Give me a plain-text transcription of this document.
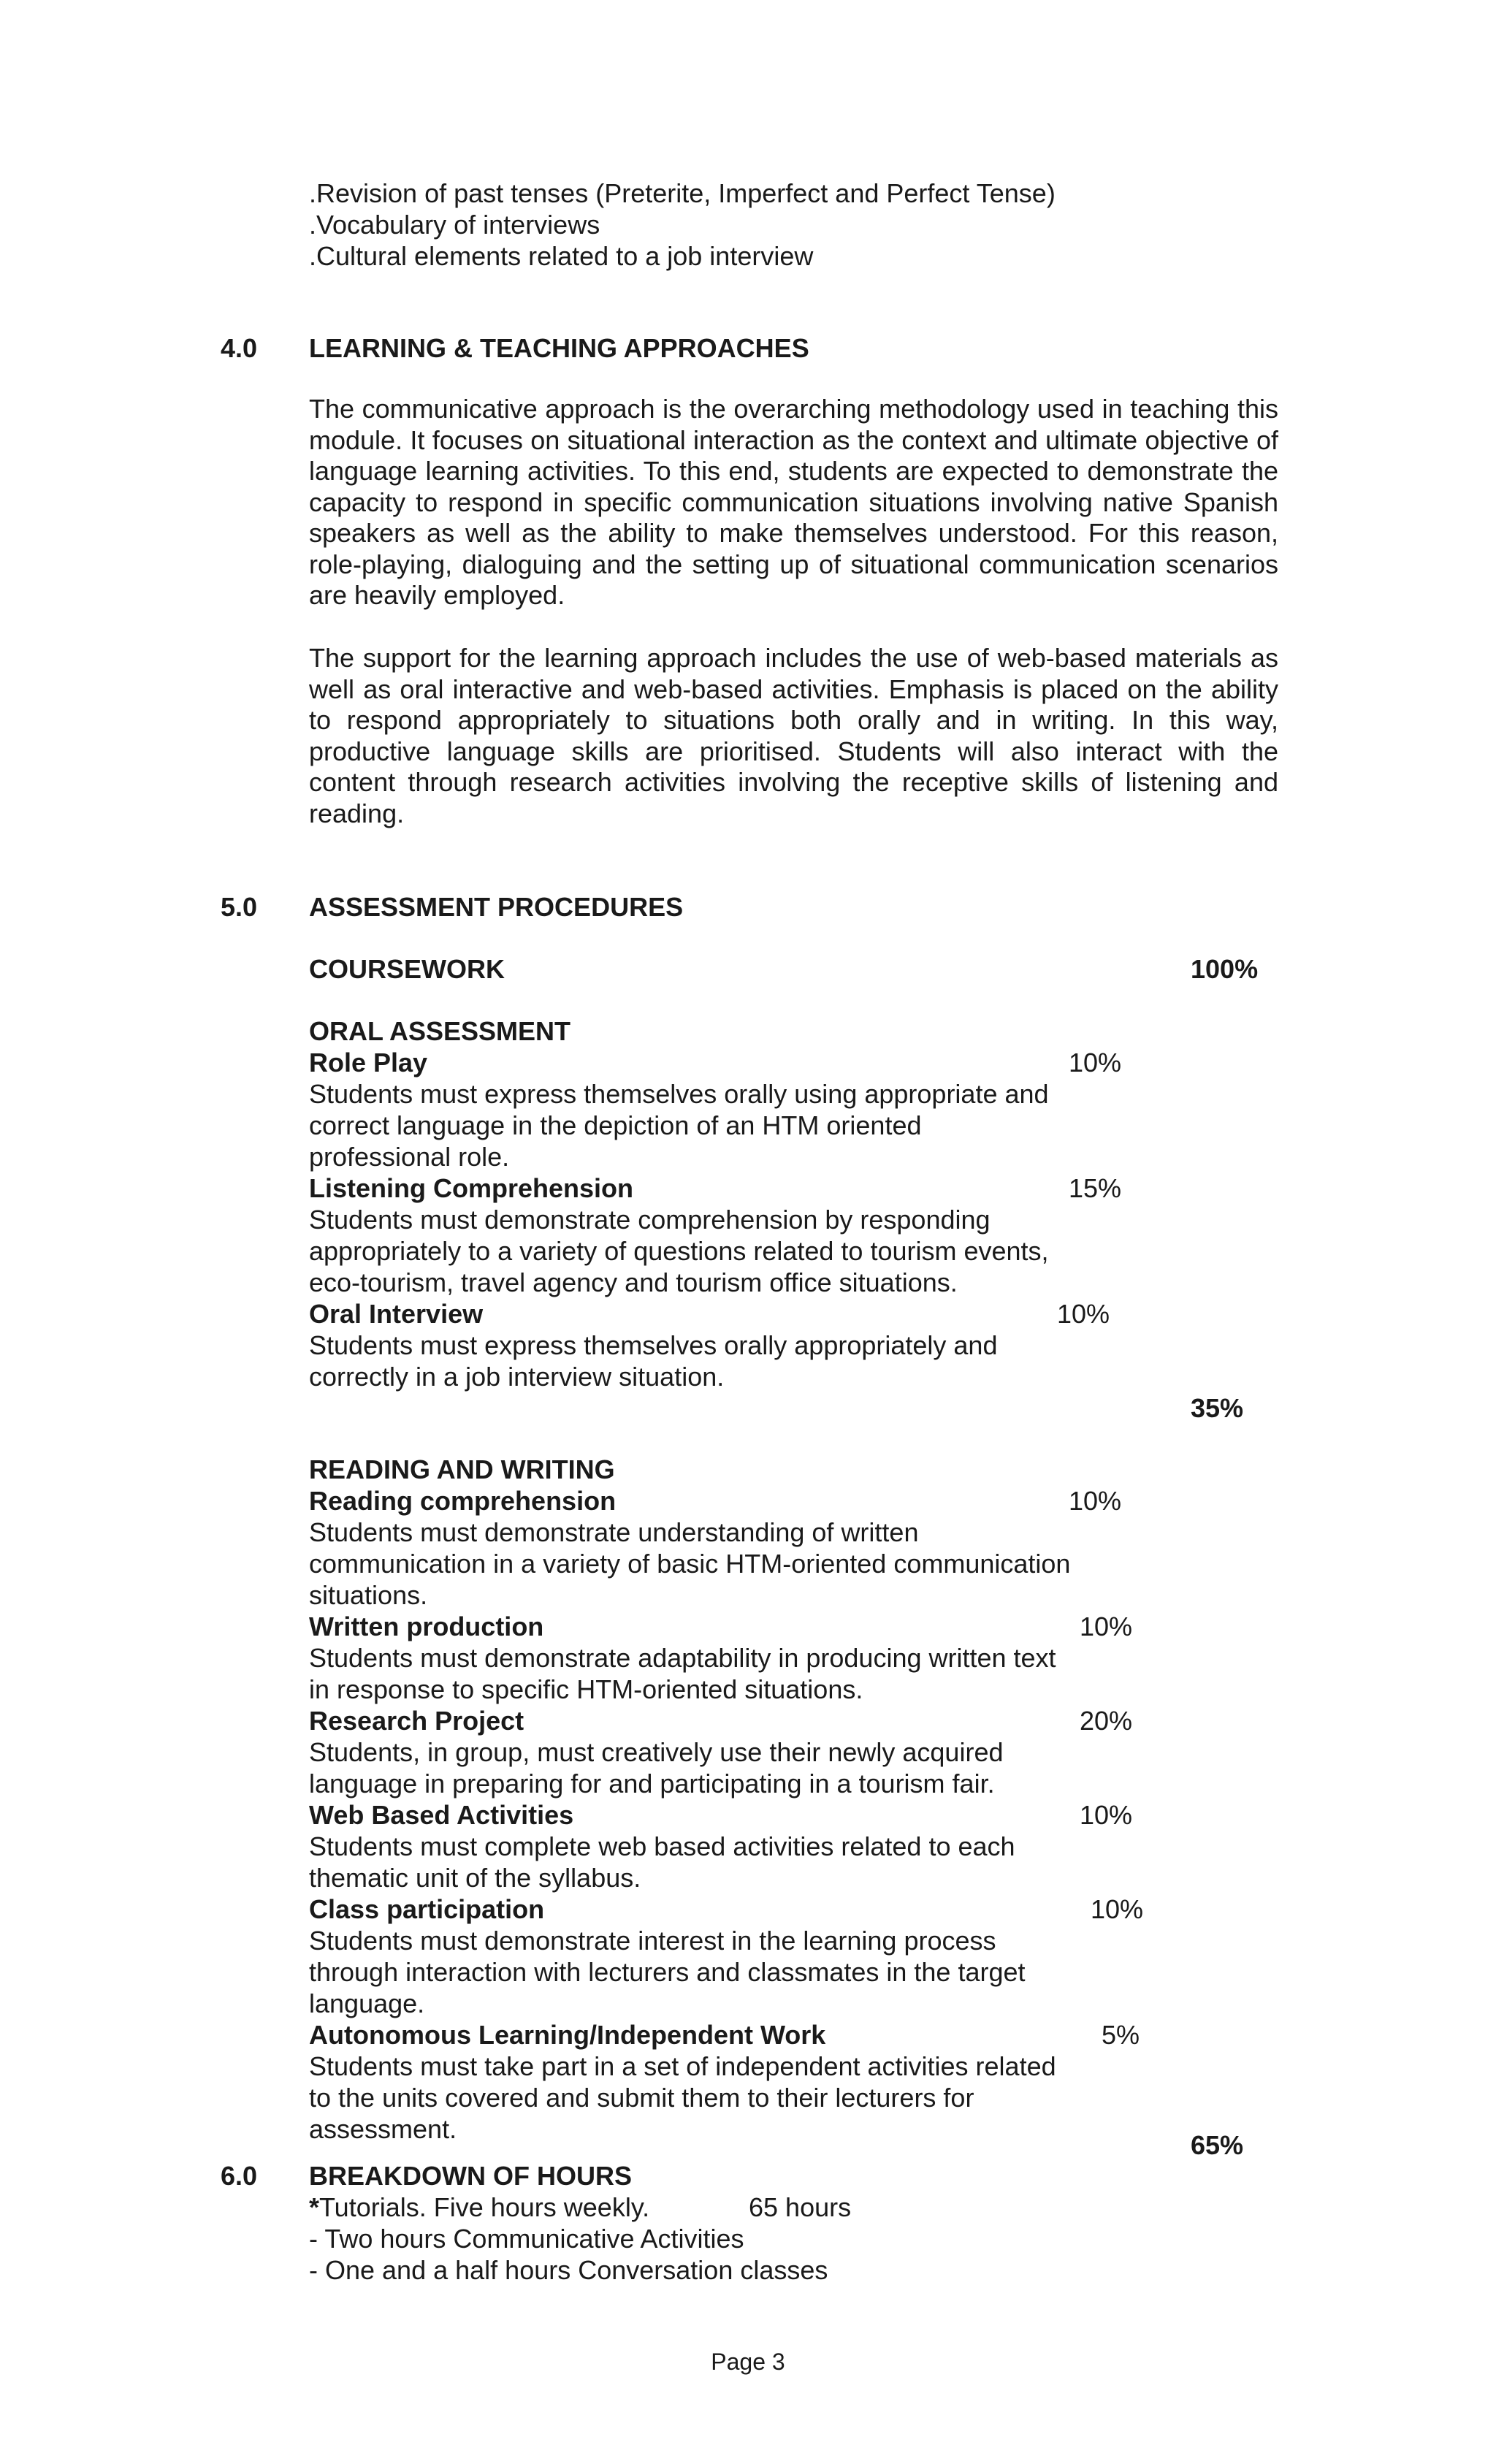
.Revision of past tenses (Preterite, Imperfect and Perfect Tense)
.Vocabulary of interviews
.Cultural elements related to a job interview
4.0 LEARNING & TEACHING APPROACHES

The communicative approach is the overarching methodology used in teaching this module. It focuses on situational interaction as the context and ultimate objective of language learning activities. To this end, students are expected to demonstrate the capacity to respond in specific communication situations involving native Spanish speakers as well as the ability to make themselves understood. For this reason, role-playing, dialoguing and the setting up of situational communication scenarios are heavily employed.

The support for the learning approach includes the use of web-based materials as well as oral interactive and web-based activities. Emphasis is placed on the ability to respond appropriately to situations both orally and in writing. In this way, productive language skills are prioritised. Students will also interact with the content through research activities involving the receptive skills of listening and reading.

5.0 ASSESSMENT PROCEDURES
COURSEWORK	100%
ORAL ASSESSMENT
Role Play	10%
Students must express themselves orally using appropriate and
correct language in the depiction of an HTM oriented
professional role.
Listening Comprehension	15%
Students must demonstrate comprehension by responding
appropriately to a variety of questions related to tourism events,
eco-tourism, travel agency and tourism office situations.
Oral Interview	10%
Students must express themselves orally appropriately and
correctly in a job interview situation.
35%
READING AND WRITING
Reading comprehension	10%
Students must demonstrate understanding of written
communication in a variety of basic HTM-oriented communication
situations.
Written production	10%
Students must demonstrate adaptability in producing written text
in response to specific HTM-oriented situations.
Research Project	20%
Students, in group, must creatively use their newly acquired
language in preparing for and participating in a tourism fair.
Web Based Activities	10%
Students must complete web based activities related to each
thematic unit of the syllabus.
Class participation	10%
Students must demonstrate interest in the learning process
through interaction with lecturers and classmates in the target
language.
Autonomous Learning/Independent Work	5%
Students must take part in a set of independent activities related
to the units covered and submit them to their lecturers for
assessment.
65%
6.0 BREAKDOWN OF HOURS
*Tutorials. Five hours weekly.	65 hours
- Two hours Communicative Activities
- One and a half hours Conversation classes
Page 3
